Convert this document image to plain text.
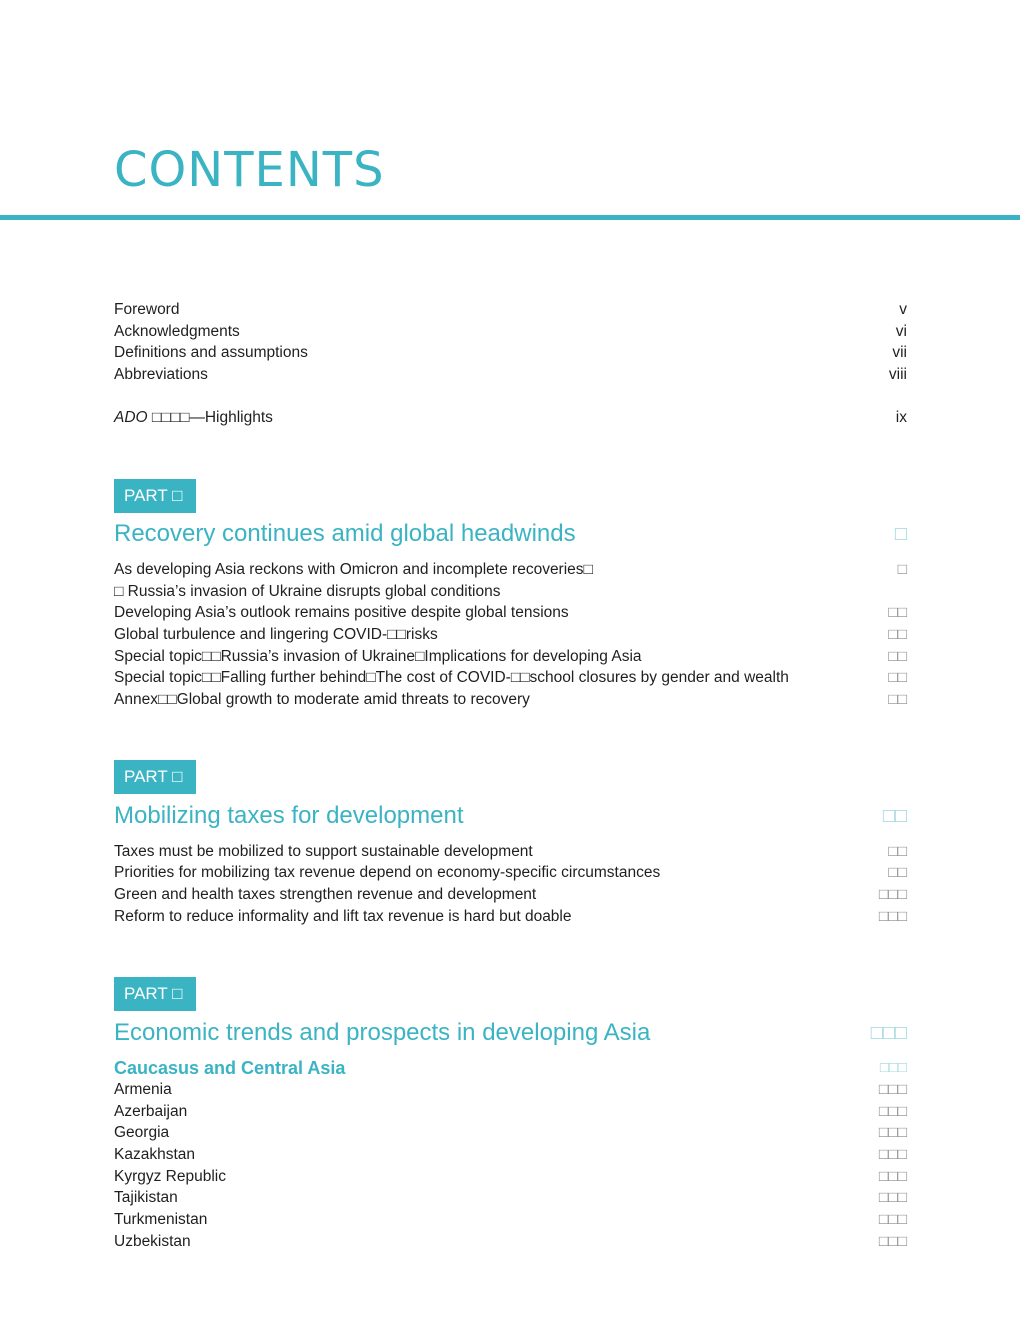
CONTENTS
Foreword	v
Acknowledgments	vi
Definitions and assumptions	vii
Abbreviations	viii
ADO □□□□—Highlights	ix
PART □
Recovery continues amid global headwinds	□
As developing Asia reckons with Omicron and incomplete recoveries□	□
□ Russia’s invasion of Ukraine disrupts global conditions
Developing Asia’s outlook remains positive despite global tensions	□□
Global turbulence and lingering COVID-□□risks	□□
Special topic□□Russia’s invasion of Ukraine□Implications for developing Asia	□□
Special topic□□Falling further behind□The cost of COVID-□□school closures by gender and wealth	□□
Annex□□Global growth to moderate amid threats to recovery	□□
PART □
Mobilizing taxes for development	□□
Taxes must be mobilized to support sustainable development	□□
Priorities for mobilizing tax revenue depend on economy-specific circumstances	□□
Green and health taxes strengthen revenue and development	□□□
Reform to reduce informality and lift tax revenue is hard but doable	□□□
PART □
Economic trends and prospects in developing Asia	□□□
Caucasus and Central Asia	□□□
Armenia	□□□
Azerbaijan	□□□
Georgia	□□□
Kazakhstan	□□□
Kyrgyz Republic	□□□
Tajikistan	□□□
Turkmenistan	□□□
Uzbekistan	□□□
